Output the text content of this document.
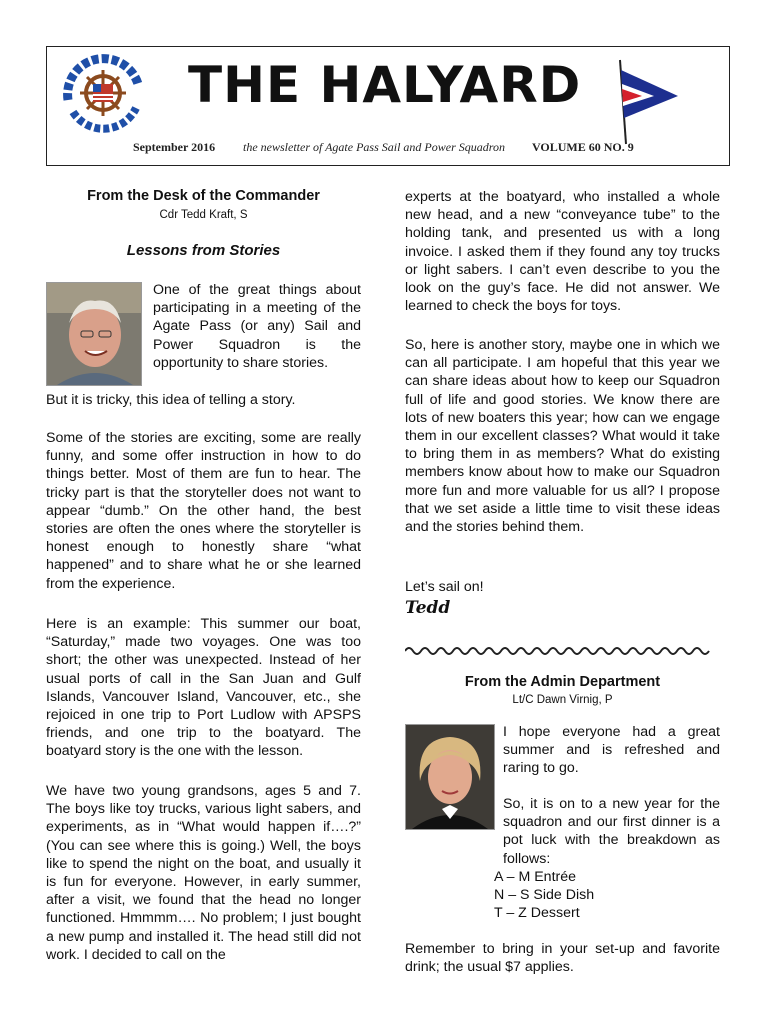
THE HALYARD
September 2016 the newsletter of Agate Pass Sail and Power Squadron VOLUME 60 NO. 9
From the Desk of the Commander
Cdr Tedd Kraft, S
Lessons from Stories

One of the great things about participating in a meeting of the Agate Pass (or any) Sail and Power Squadron is the opportunity to share stories.

But it is tricky, this idea of telling a story.

Some of the stories are exciting, some are really funny, and some offer instruction in how to do things better. Most of them are fun to hear. The tricky part is that the storyteller does not want to appear “dumb.” On the other hand, the best stories are often the ones where the storyteller is honest enough to honestly share “what happened” and to share what he or she learned from the experience.

Here is an example: This summer our boat, “Saturday,” made two voyages. One was too short; the other was unexpected. Instead of her usual ports of call in the San Juan and Gulf Islands, Vancouver Island, Vancouver, etc., she rejoiced in one trip to Port Ludlow with APSPS friends, and one trip to the boatyard. The boatyard story is the one with the lesson.

We have two young grandsons, ages 5 and 7. The boys like toy trucks, various light sabers, and experiments, as in “What would happen if….?” (You can see where this is going.) Well, the boys like to spend the night on the boat, and usually it is fun for everyone. However, in early summer, after a visit, we found that the head no longer functioned. Hmmmm…. No problem; I just bought a new pump and installed it. The head still did not work. I decided to call on the

experts at the boatyard, who installed a whole new head, and a new “conveyance tube” to the holding tank, and presented us with a long invoice. I asked them if they found any toy trucks or light sabers. I can’t even describe to you the look on the guy’s face. He did not answer. We learned to check the boys for toys.

So, here is another story, maybe one in which we can all participate. I am hopeful that this year we can share ideas about how to keep our Squadron full of life and good stories. We know there are lots of new boaters this year; how can we engage them in our excellent classes? What would it take to bring them in as members? What do existing members know about how to make our Squadron more fun and more valuable for us all? I propose that we set aside a little time to visit these ideas and the stories behind them.

Let’s sail on!

Tedd
From the Admin Department
Lt/C Dawn Virnig, P

I hope everyone had a great summer and is refreshed and raring to go.

So, it is on to a new year for the squadron and our first dinner is a pot luck with the breakdown as follows:

A – M Entrée
N – S Side Dish
T – Z Dessert

Remember to bring in your set-up and favorite drink; the usual $7 applies.
